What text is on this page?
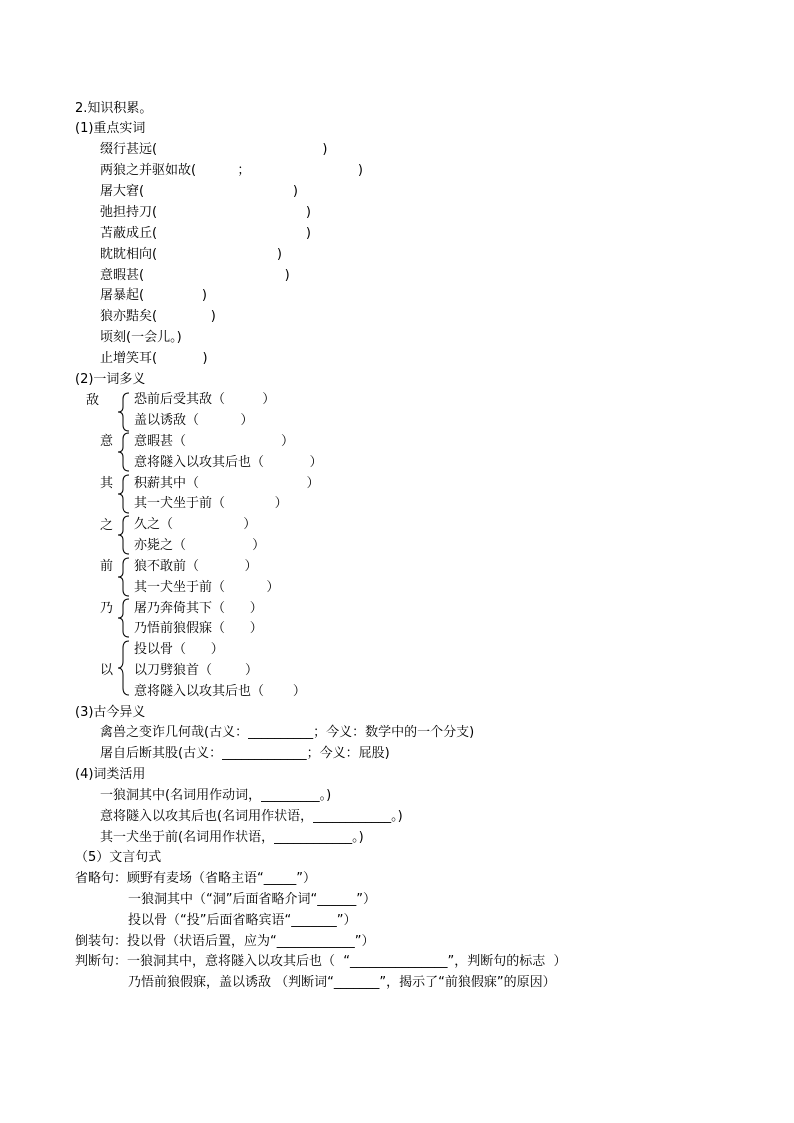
2.知识积累。
(1)重点实词
缀行甚远(                                        )
两狼之并驱如故(          ；                          )
屠大窘(                                    )
弛担持刀(                                    )
苫蔽成丘(                                    )
眈眈相向(                             )
意暇甚(                                  )
屠暴起(              )
狼亦黠矣(             )
顷刻(一会儿。)
止增笑耳(           )
(2)一词多义
敌
意
其
之
前
乃
以
恐前后受其敌（         ）
盖以诱敌（          ）
意暇甚（                       ）
意将隧入以攻其后也（           ）
积薪其中（                          ）
其一犬坐于前（            ）
久之（                 ）
亦毙之（                ）
狼不敢前（           ）
其一犬坐于前（          ）
屠乃奔倚其下（      ）
乃悟前狼假寐（      ）
投以骨（      ）
以刀劈狼首（        ）
意将隧入以攻其后也（       ）
(3)古今异义
禽兽之变诈几何哉(古义：__________；今义：数学中的一个分支)
屠自后断其股(古义：_____________；今义：屁股)
(4)词类活用
一狼洞其中(名词用作动词，_________。)
意将隧入以攻其后也(名词用作状语，____________。)
其一犬坐于前(名词用作状语，____________。)
（5）文言句式
省略句：顾野有麦场（省略主语“_____”）
一狼洞其中（“洞”后面省略介词“______”）
投以骨（“投”后面省略宾语“_______”）
倒装句：投以骨（状语后置，应为“____________”）
判断句：一狼洞其中，意将隧入以攻其后也（  “_______________”，判断句的标志  ）
乃悟前狼假寐，盖以诱敌 （判断词“_______”，揭示了“前狼假寐”的原因）
